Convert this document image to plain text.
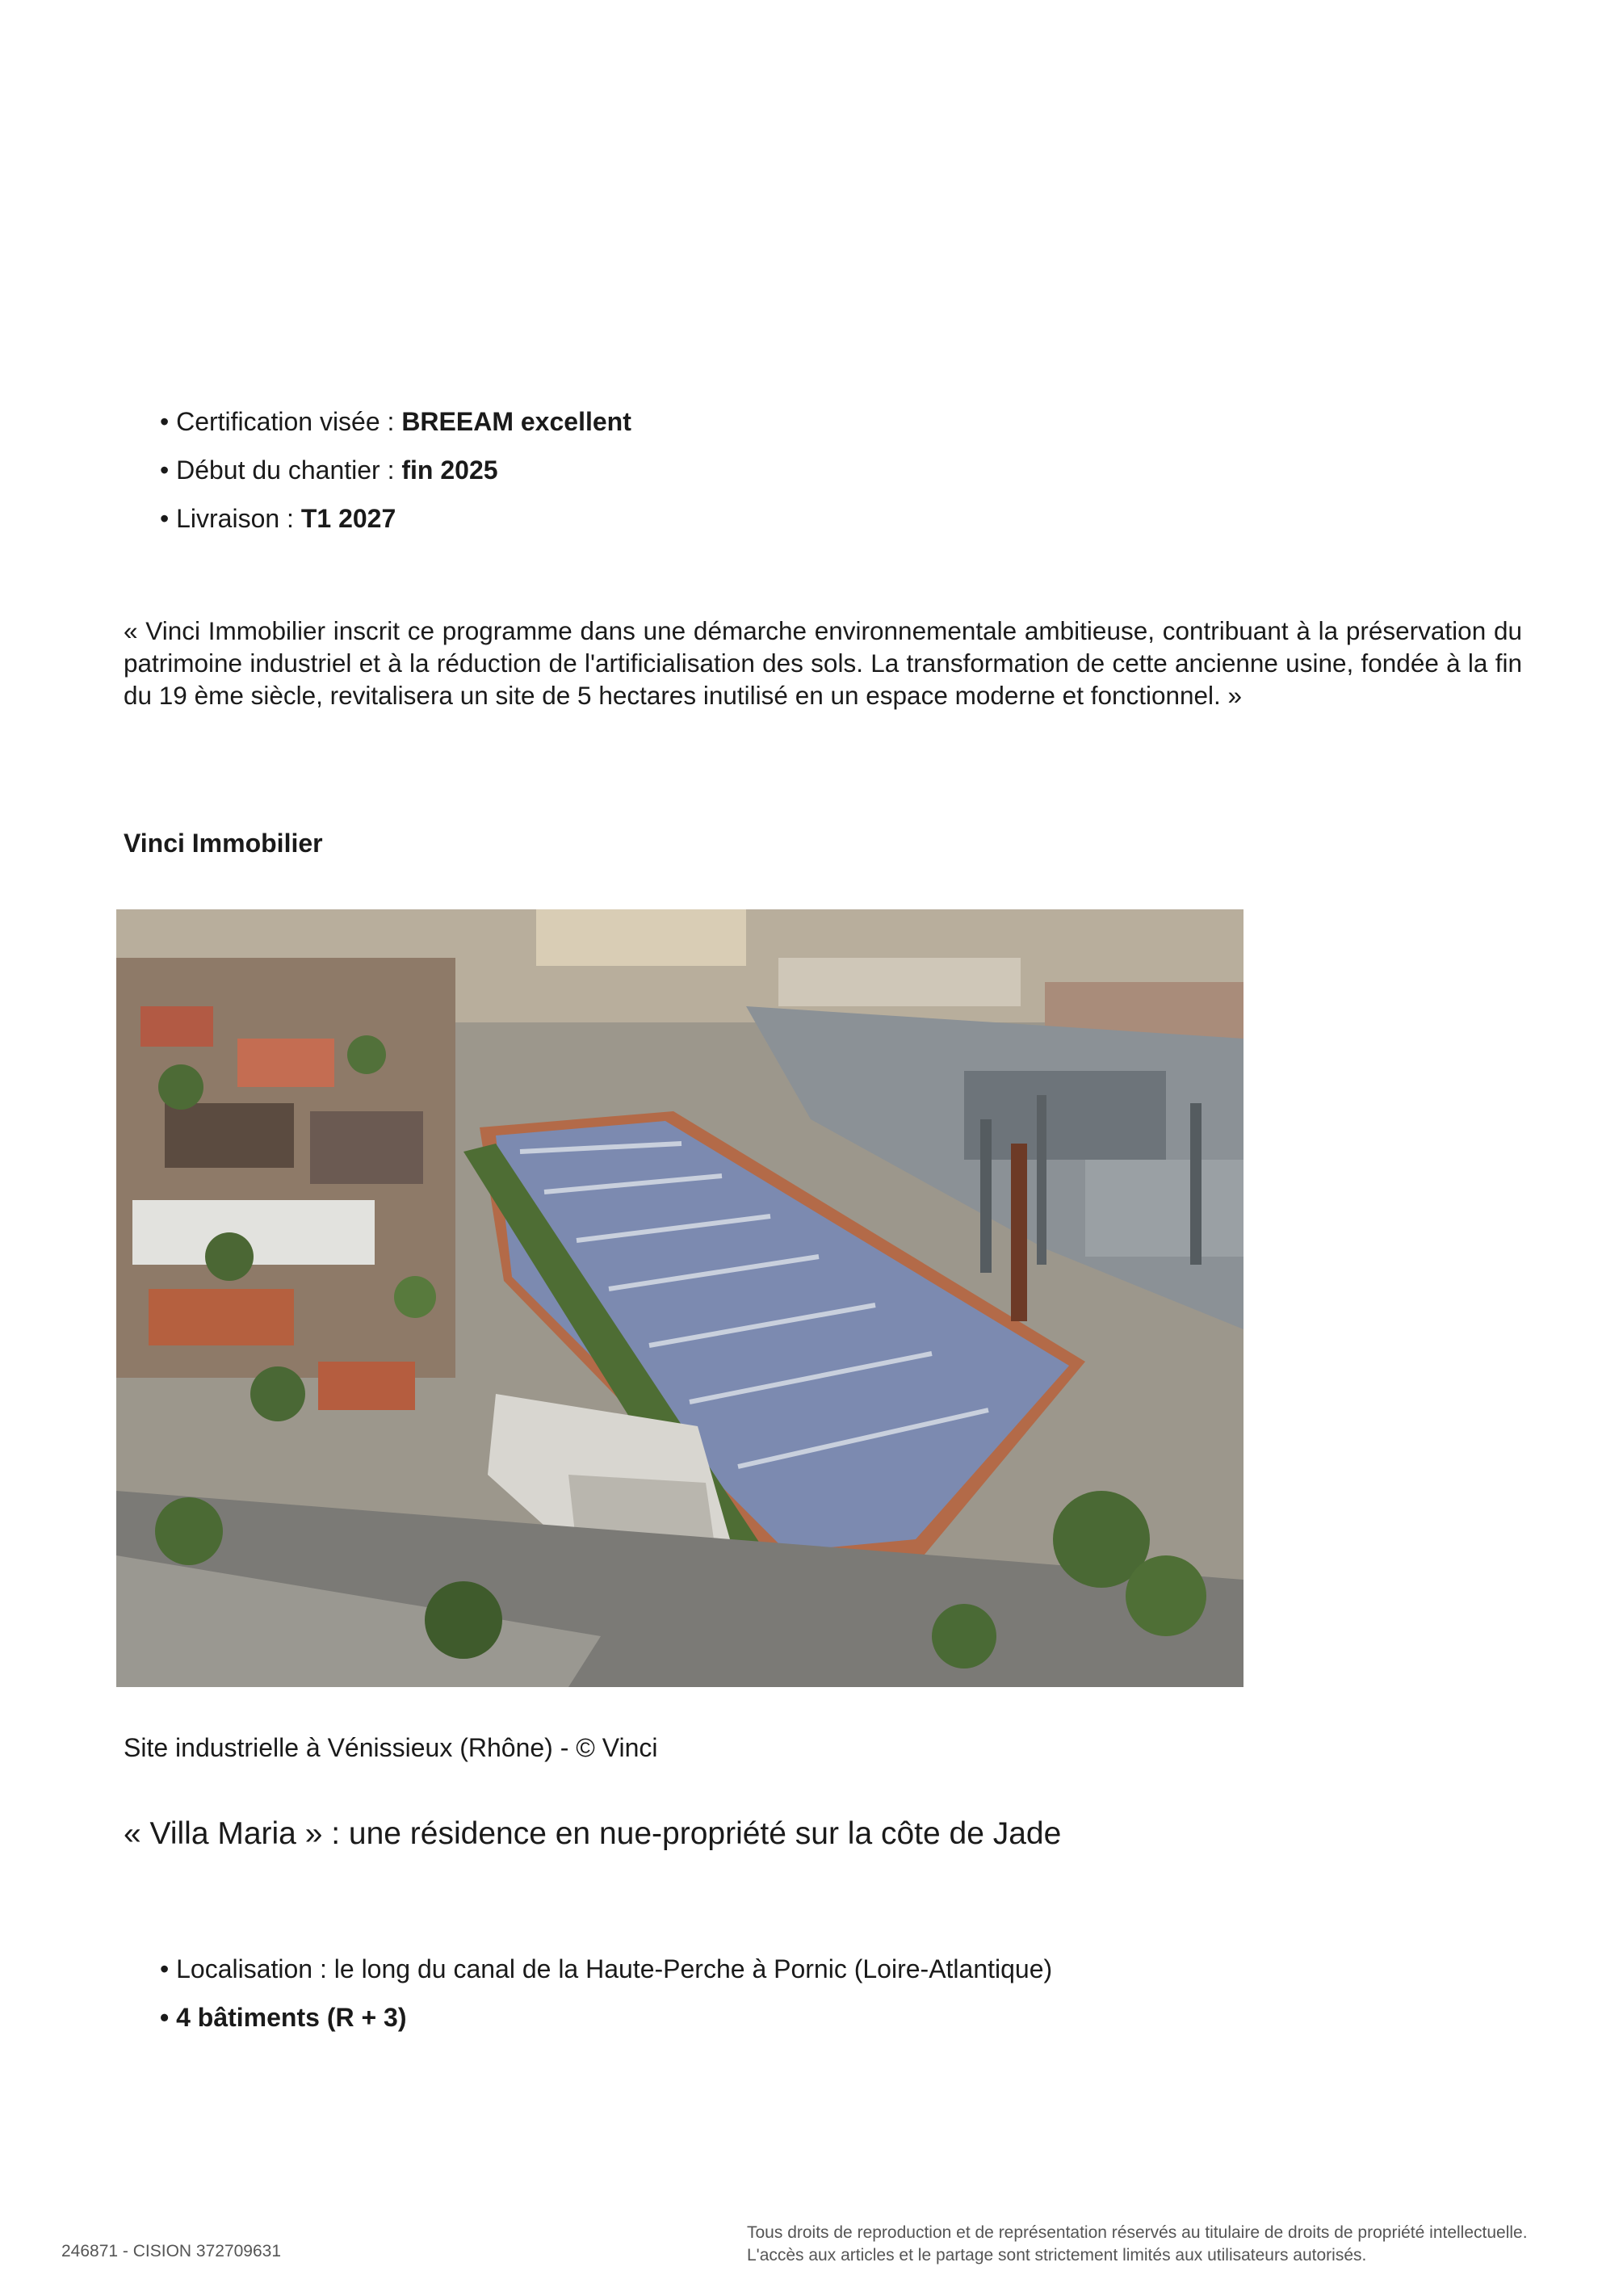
• Certification visée : BREEAM excellent
• Début du chantier : fin 2025
• Livraison : T1 2027

« Vinci Immobilier inscrit ce programme dans une démarche environnementale ambitieuse, contribuant à la préservation du patrimoine industriel et à la réduction de l'artificialisation des sols. La transformation de cette ancienne usine, fondée à la fin du 19 ème siècle, revitalisera un site de 5 hectares inutilisé en un espace moderne et fonctionnel. »

Vinci Immobilier

Site industrielle à Vénissieux (Rhône) - © Vinci

« Villa Maria » : une résidence en nue-propriété sur la côte de Jade
• Localisation : le long du canal de la Haute-Perche à Pornic (Loire-Atlantique)
• 4 bâtiments (R + 3)
246871 - CISION 372709631
Tous droits de reproduction et de représentation réservés au titulaire de droits de propriété intellectuelle.
L'accès aux articles et le partage sont strictement limités aux utilisateurs autorisés.
